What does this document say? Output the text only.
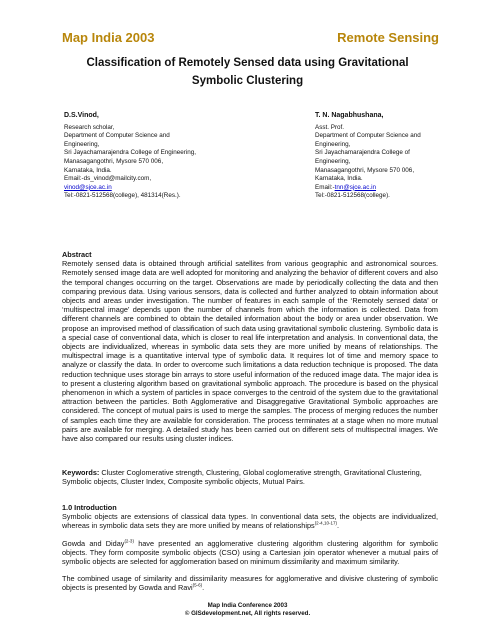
Map India 2003	Remote Sensing
Classification of Remotely Sensed data using Gravitational
Symbolic Clustering
D.S.Vinod,
Research scholar,
Department of Computer Science and
Engineering,
Sri Jayachamarajendra College of Engineering,
Manasagangothri, Mysore 570 006,
Karnataka, India.
Email:-ds_vinod@mailcity.com,
vinod@sjce.ac.in
Tel:-0821-512568(college), 481314(Res.).
T. N. Nagabhushana,
Asst. Prof.
Department of Computer Science and
Engineering,
Sri Jayachamarajendra College of
Engineering,
Manasagangothri, Mysore 570 006,
Karnataka, India.
Email:-tnn@sjce.ac.in
Tel:-0821-512568(college).
Abstract
Remotely sensed data is obtained through artificial satellites from various geographic and astronomical sources. Remotely sensed image data are well adopted for monitoring and analyzing the behavior of different covers and also the temporal changes occurring on the target. Observations are made by periodically collecting the data and then comparing previous data. Using various sensors, data is collected and further analyzed to obtain information about objects and areas under investigation. The number of features in each sample of the ‘Remotely sensed data’ or ‘multispectral image’ depends upon the number of channels from which the information is collected. Data from different channels are combined to obtain the detailed information about the body or area under observation. We propose an improvised method of classification of such data using gravitational symbolic clustering. Symbolic data is a special case of conventional data, which is closer to real life interpretation and analysis. In conventional data, the objects are individualized, whereas in symbolic data sets they are more unified by means of relationships. The multispectral image is a quantitative interval type of symbolic data. It requires lot of time and memory space to analyze or classify the data. In order to overcome such limitations a data reduction technique is proposed. The data reduction technique uses storage bin arrays to store useful information of the reduced image data. The major idea is to present a clustering algorithm based on gravitational symbolic approach. The procedure is based on the physical phenomenon in which a system of particles in space converges to the centroid of the system due to the gravitational attraction between the particles. Both Agglomerative and Disaggregative Gravitational Symbolic approaches are considered. The concept of mutual pairs is used to merge the samples. The process of merging reduces the number of samples each time they are available for consideration. The process terminates at a stage when no more mutual pairs are available for merging. A detailed study has been carried out on different sets of multispectral images. We have also compared our results using cluster indices.
Keywords: Cluster Coglomerative strength, Clustering, Global coglomerative strength, Gravitational Clustering, Symbolic objects, Cluster Index, Composite symbolic objects, Mutual Pairs.
1.0 Introduction
Symbolic objects are extensions of classical data types. In conventional data sets, the objects are individualized, whereas in symbolic data sets they are more unified by means of relationships$^{(2-4,10-17)}$.
Gowda and Diday$^{(2-3)}$ have presented an agglomerative clustering algorithm clustering algorithm for symbolic objects. They form composite symbolic objects (CSO) using a Cartesian join operator whenever a mutual pairs of symbolic objects are selected for agglomeration based on minimum dissimilarity and maximum similarity.
The combined usage of similarity and dissimilarity measures for agglomerative and divisive clustering of symbolic objects is presented by Gowda and Ravi$^{(5-6)}$.
Map India Conference 2003
© GISdevelopment.net, All rights reserved.
